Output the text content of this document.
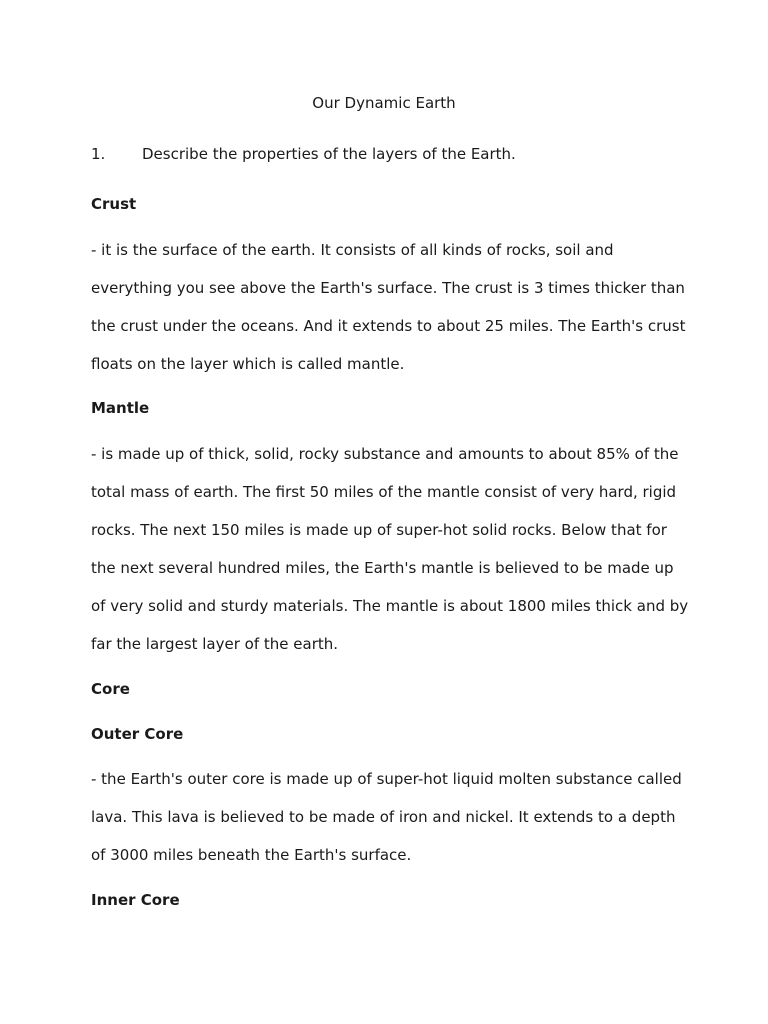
Our Dynamic Earth
1. Describe the properties of the layers of the Earth.
Crust
- it is the surface of the earth. It consists of all kinds of rocks, soil and everything you see above the Earth's surface. The crust is 3 times thicker than the crust under the oceans. And it extends to about 25 miles. The Earth's crust floats on the layer which is called mantle.
Mantle
- is made up of thick, solid, rocky substance and amounts to about 85% of the total mass of earth. The first 50 miles of the mantle consist of very hard, rigid rocks. The next 150 miles is made up of super-hot solid rocks. Below that for the next several hundred miles, the Earth's mantle is believed to be made up of very solid and sturdy materials. The mantle is about 1800 miles thick and by far the largest layer of the earth.
Core
Outer Core
- the Earth's outer core is made up of super-hot liquid molten substance called lava. This lava is believed to be made of iron and nickel. It extends to a depth of 3000 miles beneath the Earth's surface.
Inner Core
